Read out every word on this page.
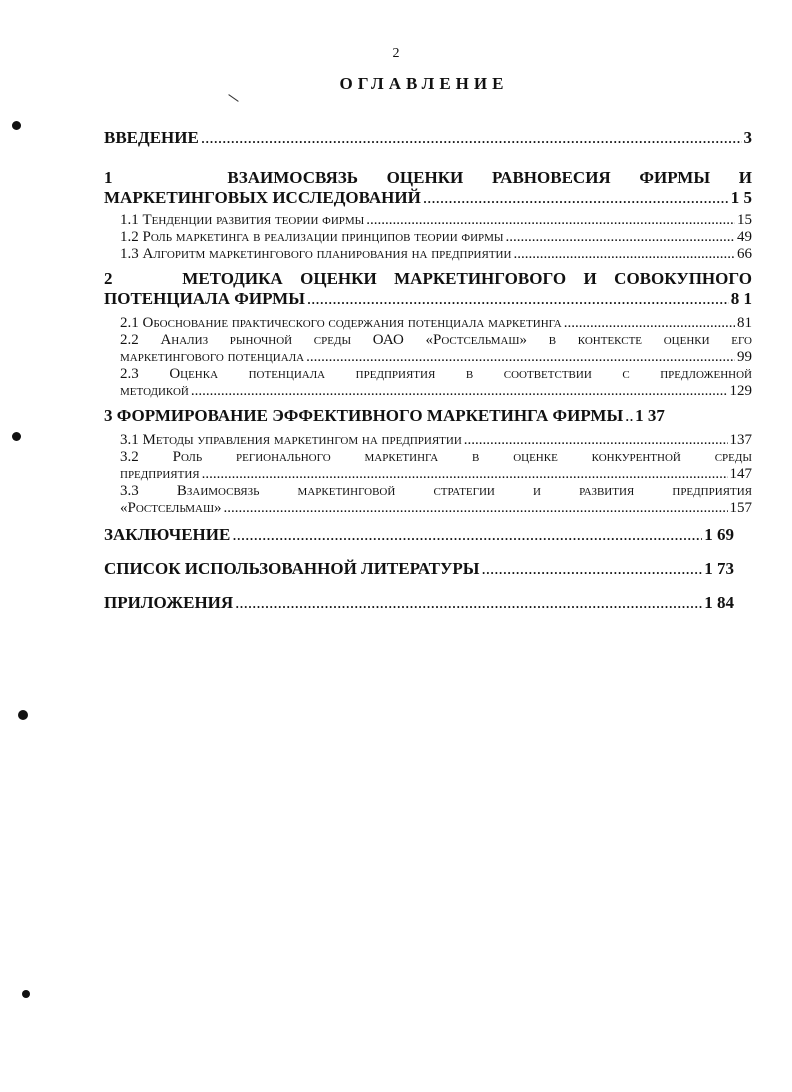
2
ОГЛАВЛЕНИЕ
ВВЕДЕНИЕ .....	3
1	ВЗАИМОСВЯЗЬ ОЦЕНКИ РАВНОВЕСИЯ ФИРМЫ И
МАРКЕТИНГОВЫХ ИССЛЕДОВАНИЙ .....	1 5
1.1 Тенденции развития теории фирмы .....	15
1.2 Роль маркетинга в реализации принципов теории фирмы .....	49
1.3 Алгоритм маркетингового планирования на предприятии .....	66
2	МЕТОДИКА ОЦЕНКИ МАРКЕТИНГОВОГО И СОВОКУПНОГО
ПОТЕНЦИАЛА ФИРМЫ .....	8 1
2.1 Обоснование практического содержания потенциала маркетинга .....	81
2.2 Анализ рыночной среды ОАО «Ростсельмаш» в контексте оценки его
маркетингового потенциала .....	99
2.3 Оценка потенциала предприятия в соответствии с предложенной
методикой .....	129
3 ФОРМИРОВАНИЕ ЭФФЕКТИВНОГО МАРКЕТИНГА ФИРМЫ ..... 1 37
3.1 Методы управления маркетингом на предприятии .....	137
3.2 Роль регионального маркетинга в оценке конкурентной среды
предприятия .....	147
3.3 Взаимосвязь маркетинговой стратегии и развития предприятия
«Ростсельмаш» .....	157
ЗАКЛЮЧЕНИЕ .....	1 69
СПИСОК ИСПОЛЬЗОВАННОЙ ЛИТЕРАТУРЫ .....	1 73
ПРИЛОЖЕНИЯ .....	1 84
